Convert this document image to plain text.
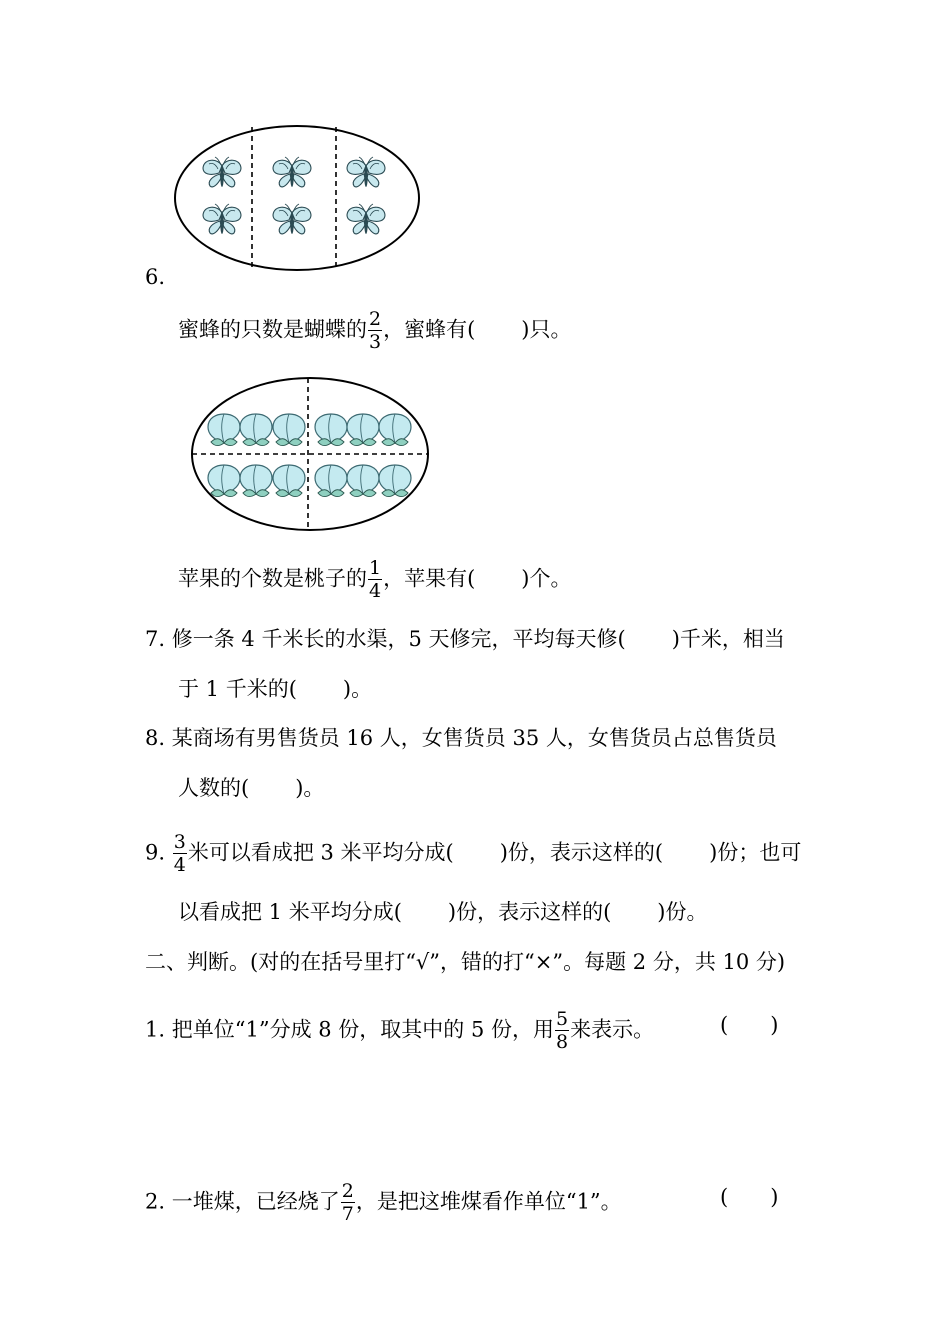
6.
蜜蜂的只数是蝴蝶的 $\frac{2}{3}$ ，蜜蜂有( )只。
苹果的个数是桃子的 $\frac{1}{4}$ ，苹果有( )个。
7. 修一条 4 千米长的水渠，5 天修完，平均每天修( )千米，相当
于 1 千米的( )。
8. 某商场有男售货员 16 人，女售货员 35 人，女售货员占总售货员
人数的( )。
9. $\frac{3}{4}$ 米可以看成把 3 米平均分成( )份，表示这样的( )份；也可
以看成把 1 米平均分成( )份，表示这样的( )份。
二、判断。(对的在括号里打“√”，错的打“×”。每题 2 分，共 10 分)
1. 把单位“1”分成 8 份，取其中的 5 份，用 $\frac{5}{8}$ 来表示。	( )
2. 一堆煤，已经烧了 $\frac{2}{7}$ ，是把这堆煤看作单位“1”。	( )
